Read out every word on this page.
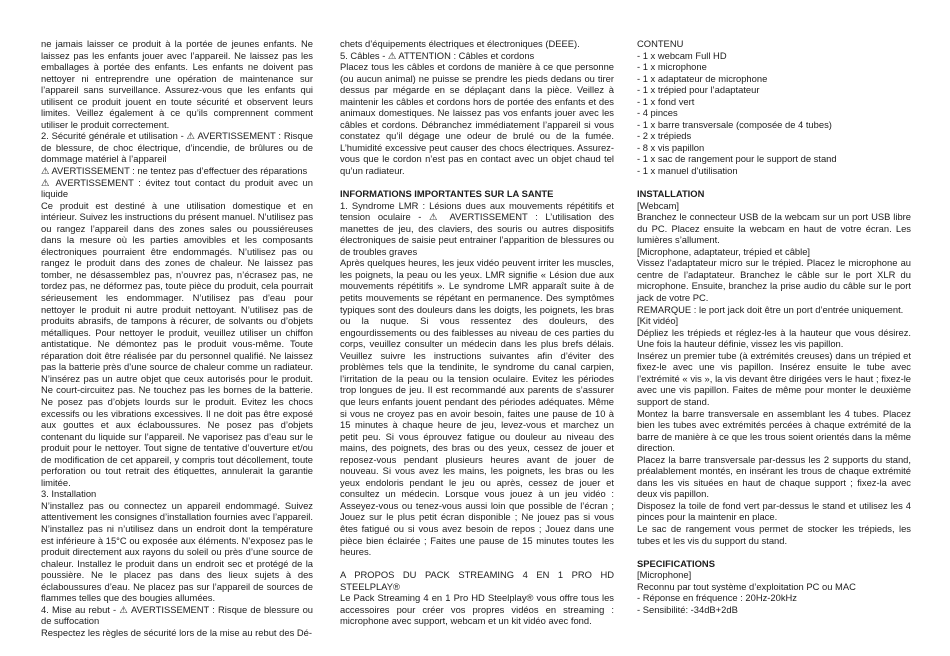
ne jamais laisser ce produit à la portée de jeunes enfants. Ne laissez pas les enfants jouer avec l’appareil. Ne laissez pas les emballages à portée des enfants. Les enfants ne doivent pas nettoyer ni entreprendre une opération de maintenance sur l’appareil sans surveillance. Assurez-vous que les enfants qui utilisent ce produit jouent en toute sécurité et observent leurs limites. Veillez également à ce qu’ils comprennent comment utiliser le produit correctement.

2. Sécurité générale et utilisation - ⚠ AVERTISSEMENT : Risque de blessure, de choc électrique, d’incendie, de brûlures ou de dommage matériel à l’appareil

⚠ AVERTISSEMENT : ne tentez pas d’effectuer des réparations

⚠ AVERTISSEMENT : évitez tout contact du produit avec un liquide

Ce produit est destiné à une utilisation domestique et en intérieur. Suivez les instructions du présent manuel. N’utilisez pas ou rangez l’appareil dans des zones sales ou poussiéreuses dans la mesure où les parties amovibles et les composants électroniques pourraient être endommagés. N’utilisez pas ou rangez le produit dans des zones de chaleur. Ne laissez pas tomber, ne désassemblez pas, n’ouvrez pas, n’écrasez pas, ne tordez pas, ne déformez pas, toute pièce du produit, cela pourrait sérieusement les endommager. N’utilisez pas d’eau pour nettoyer le produit ni autre produit nettoyant. N’utilisez pas de produits abrasifs, de tampons à récurer, de solvants ou d’objets métalliques. Pour nettoyer le produit, veuillez utiliser un chiffon antistatique. Ne démontez pas le produit vous-même. Toute réparation doit être réalisée par du personnel qualifié. Ne laissez pas la batterie près d’une source de chaleur comme un radiateur. N’insérez pas un autre objet que ceux autorisés pour le produit. Ne court-circuitez pas. Ne touchez pas les bornes de la batterie. Ne posez pas d’objets lourds sur le produit. Evitez les chocs excessifs ou les vibrations excessives. Il ne doit pas être exposé aux gouttes et aux éclaboussures. Ne posez pas d’objets contenant du liquide sur l’appareil. Ne vaporisez pas d’eau sur le produit pour le nettoyer. Tout signe de tentative d’ouverture et/ou de modification de cet appareil, y compris tout décollement, toute perforation ou tout retrait des étiquettes, annulerait la garantie limitée.

3. Installation

N’installez pas ou connectez un appareil endommagé. Suivez attentivement les consignes d’installation fournies avec l’appareil. N’installez pas ni n’utilisez dans un endroit dont la température est inférieure à 15°C ou exposée aux éléments. N’exposez pas le produit directement aux rayons du soleil ou près d’une source de chaleur. Installez le produit dans un endroit sec et protégé de la poussière. Ne le placez pas dans des lieux sujets à des éclaboussures d’eau. Ne placez pas sur l’appareil de sources de flammes telles que des bougies allumées.

4. Mise au rebut - ⚠ AVERTISSEMENT : Risque de blessure ou de suffocation

Respectez les règles de sécurité lors de la mise au rebut des Dé-

chets d’équipements électriques et électroniques (DEEE).

5. Câbles - ⚠ ATTENTION : Câbles et cordons

Placez tous les câbles et cordons de manière à ce que personne (ou aucun animal) ne puisse se prendre les pieds dedans ou tirer dessus par mégarde en se déplaçant dans la pièce. Veillez à maintenir les câbles et cordons hors de portée des enfants et des animaux domestiques. Ne laissez pas vos enfants jouer avec les câbles et cordons. Débranchez immédiatement l’appareil si vous constatez qu’il dégage une odeur de brulé ou de la fumée. L’humidité excessive peut causer des chocs électriques. Assurez-vous que le cordon n’est pas en contact avec un objet chaud tel qu’un radiateur.

INFORMATIONS IMPORTANTES SUR LA SANTE

1. Syndrome LMR : Lésions dues aux mouvements répétitifs et tension oculaire - ⚠ AVERTISSEMENT : L’utilisation des manettes de jeu, des claviers, des souris ou autres dispositifs électroniques de saisie peut entrainer l’apparition de blessures ou de troubles graves

Après quelques heures, les jeux vidéo peuvent irriter les muscles, les poignets, la peau ou les yeux. LMR signifie « Lésion due aux mouvements répétitifs ». Le syndrome LMR apparaît suite à de petits mouvements se répétant en permanence. Des symptômes typiques sont des douleurs dans les doigts, les poignets, les bras ou la nuque. Si vous ressentez des douleurs, des engourdissements ou des faiblesses au niveau de ces parties du corps, veuillez consulter un médecin dans les plus brefs délais. Veuillez suivre les instructions suivantes afin d’éviter des problèmes tels que la tendinite, le syndrome du canal carpien, l’irritation de la peau ou la tension oculaire. Evitez les périodes trop longues de jeu. Il est recommandé aux parents de s’assurer que leurs enfants jouent pendant des périodes adéquates. Même si vous ne croyez pas en avoir besoin, faites une pause de 10 à 15 minutes à chaque heure de jeu, levez-vous et marchez un petit peu. Si vous éprouvez fatigue ou douleur au niveau des mains, des poignets, des bras ou des yeux, cessez de jouer et reposez-vous pendant plusieurs heures avant de jouer de nouveau. Si vous avez les mains, les poignets, les bras ou les yeux endoloris pendant le jeu ou après, cessez de jouer et consultez un médecin. Lorsque vous jouez à un jeu vidéo : Asseyez-vous ou tenez-vous aussi loin que possible de l’écran ; Jouez sur le plus petit écran disponible ; Ne jouez pas si vous êtes fatigué ou si vous avez besoin de repos ; Jouez dans une pièce bien éclairée ; Faites une pause de 15 minutes toutes les heures.

A PROPOS DU PACK STREAMING 4 EN 1 PRO HD STEELPLAY®

Le Pack Streaming 4 en 1 Pro HD Steelplay® vous offre tous les accessoires pour créer vos propres vidéos en streaming : microphone avec support, webcam et un kit vidéo avec fond.

CONTENU

- 1 x webcam Full HD
- 1 x microphone
- 1 x adaptateur de microphone
- 1 x trépied pour l’adaptateur
- 1 x fond vert
- 4 pinces
- 1 x barre transversale (composée de 4 tubes)
- 2 x trépieds
- 8 x vis papillon
- 1 x sac de rangement pour le support de stand
- 1 x manuel d’utilisation

INSTALLATION

[Webcam]

Branchez le connecteur USB de la webcam sur un port USB libre du PC. Placez ensuite la webcam en haut de votre écran. Les lumières s’allument.

[Microphone, adaptateur, trépied et câble]

Vissez l’adaptateur micro sur le trépied. Placez le microphone au centre de l’adaptateur. Branchez le câble sur le port XLR du microphone. Ensuite, branchez la prise audio du câble sur le port jack de votre PC.

REMARQUE : le port jack doit être un port d’entrée uniquement.

[Kit vidéo]

Dépliez les trépieds et réglez-les à la hauteur que vous désirez. Une fois la hauteur définie, vissez les vis papillon.

Insérez un premier tube (à extrémités creuses) dans un trépied et fixez-le avec une vis papillon. Insérez ensuite le tube avec l’extrémité « vis », la vis devant être dirigées vers le haut ; fixez-le avec une vis papillon. Faites de même pour monter le deuxième support de stand.

Montez la barre transversale en assemblant les 4 tubes. Placez bien les tubes avec extrémités percées à chaque extrémité de la barre de manière à ce que les trous soient orientés dans la même direction.

Placez la barre transversale par-dessus les 2 supports du stand, préalablement montés, en insérant les trous de chaque extrémité dans les vis situées en haut de chaque support ; fixez-la avec deux vis papillon.

Disposez la toile de fond vert par-dessus le stand et utilisez les 4 pinces pour la maintenir en place.

Le sac de rangement vous permet de stocker les trépieds, les tubes et les vis du support du stand.

SPECIFICATIONS

[Microphone]

Reconnu par tout système d’exploitation PC ou MAC

- Réponse en fréquence : 20Hz-20kHz

- Sensibilité: -34dB+2dB
